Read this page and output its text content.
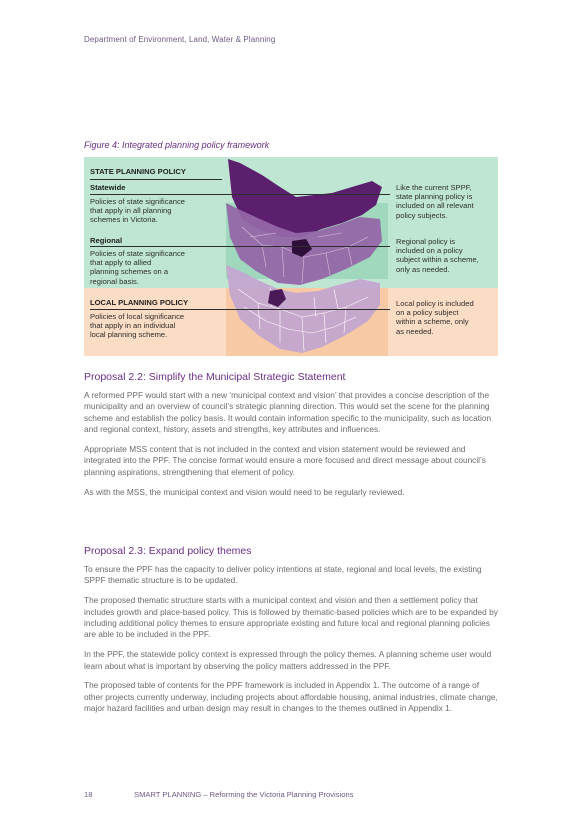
Department of Environment, Land, Water & Planning
Figure 4: Integrated planning policy framework
STATE PLANNING POLICY
Statewide
Policies of state significance
that apply in all planning
schemes in Victoria.
Regional
Policies of state significance
that apply to allied
planning schemes on a
regional basis.
LOCAL PLANNING POLICY
Policies of local significance
that apply in an individual
local planning scheme.
Like the current SPPF,
state planning policy is
included on all relevant
policy subjects.
Regional policy is
included on a policy
subject within a scheme,
only as needed.
Local policy is included
on a policy subject
within a scheme, only
as needed.
Proposal 2.2: Simplify the Municipal Strategic Statement

A reformed PPF would start with a new ‘municipal context and vision’ that provides a concise description of the municipality and an overview of council’s strategic planning direction. This would set the scene for the planning scheme and establish the policy basis. It would contain information specific to the municipality, such as location and regional context, history, assets and strengths, key attributes and influences.

Appropriate MSS content that is not included in the context and vision statement would be reviewed and integrated into the PPF. The concise format would ensure a more focused and direct message about council’s planning aspirations, strengthening that element of policy.

As with the MSS, the municipal context and vision would need to be regularly reviewed.

Proposal 2.3: Expand policy themes

To ensure the PPF has the capacity to deliver policy intentions at state, regional and local levels, the existing SPPF thematic structure is to be updated.

The proposed thematic structure starts with a municipal context and vision and then a settlement policy that includes growth and place-based policy. This is followed by thematic-based policies which are to be expanded by including additional policy themes to ensure appropriate existing and future local and regional planning policies are able to be included in the PPF.

In the PPF, the statewide policy context is expressed through the policy themes. A planning scheme user would learn about what is important by observing the policy matters addressed in the PPF.

The proposed table of contents for the PPF framework is included in Appendix 1. The outcome of a range of other projects currently underway, including projects about affordable housing, animal industries, climate change, major hazard facilities and urban design may result in changes to the themes outlined in Appendix 1.

18	SMART PLANNING – Reforming the Victoria Planning Provisions
